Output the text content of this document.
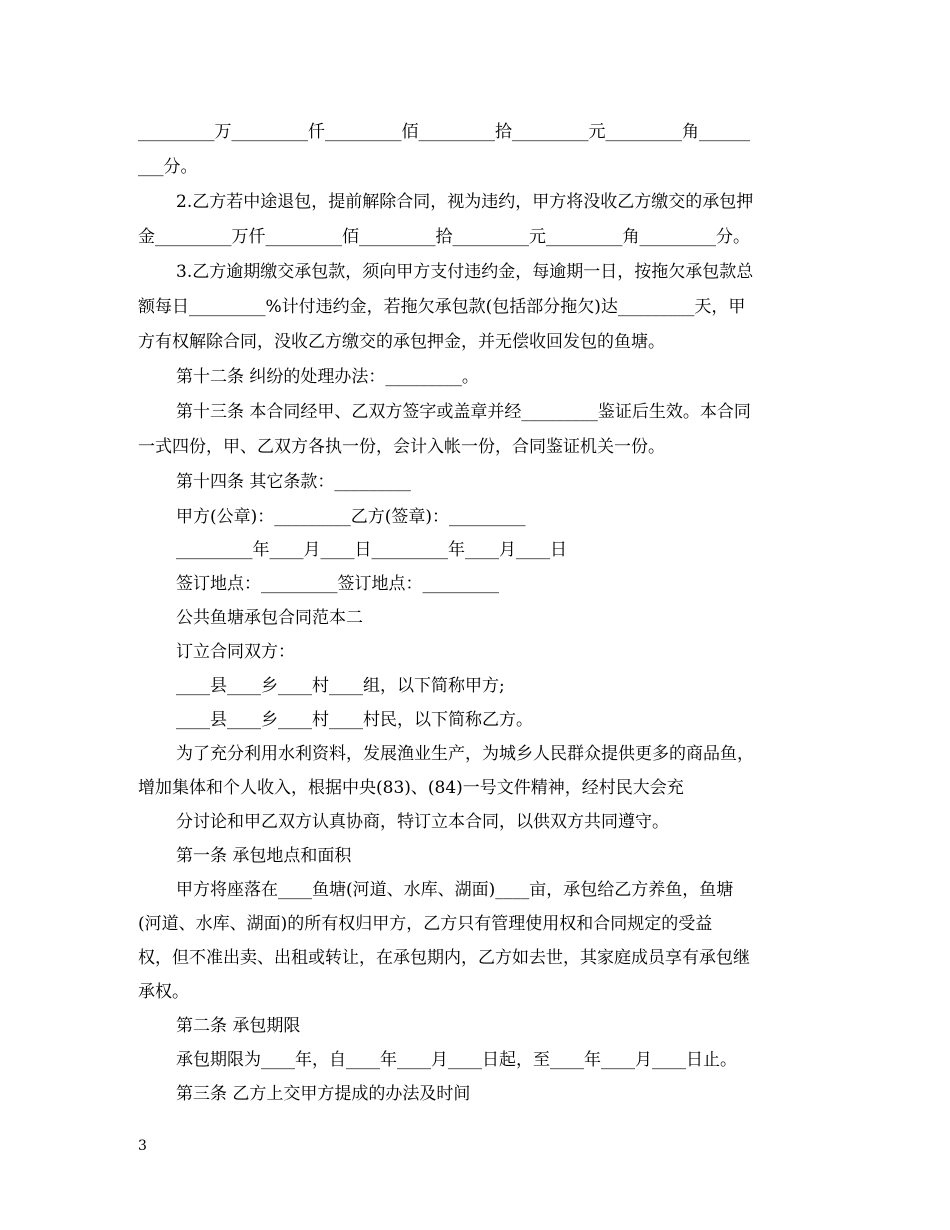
_________万_________仟_________佰_________拾_________元_________角______
___分。
2.乙方若中途退包，提前解除合同，视为违约，甲方将没收乙方缴交的承包押
金_________万仟_________佰_________拾_________元_________角_________分。
3.乙方逾期缴交承包款，须向甲方支付违约金，每逾期一日，按拖欠承包款总
额每日_________%计付违约金，若拖欠承包款(包括部分拖欠)达_________天，甲
方有权解除合同，没收乙方缴交的承包押金，并无偿收回发包的鱼塘。
第十二条 纠纷的处理办法：_________。
第十三条 本合同经甲、乙双方签字或盖章并经_________鉴证后生效。本合同
一式四份，甲、乙双方各执一份，会计入帐一份，合同鉴证机关一份。
第十四条 其它条款：_________
甲方(公章)：_________乙方(签章)：_________
_________年____月____日_________年____月____日
签订地点：_________签订地点：_________
公共鱼塘承包合同范本二
订立合同双方：
____县____乡____村____组，以下简称甲方;
____县____乡____村____村民，以下简称乙方。
为了充分利用水利资料，发展渔业生产，为城乡人民群众提供更多的商品鱼，
增加集体和个人收入，根据中央(83)、(84)一号文件精神，经村民大会充
分讨论和甲乙双方认真协商，特订立本合同，以供双方共同遵守。
第一条 承包地点和面积
甲方将座落在____鱼塘(河道、水库、湖面)____亩，承包给乙方养鱼，鱼塘
(河道、水库、湖面)的所有权归甲方，乙方只有管理使用权和合同规定的受益
权，但不准出卖、出租或转让，在承包期内，乙方如去世，其家庭成员享有承包继
承权。
第二条 承包期限
承包期限为____年，自____年____月____日起，至____年____月____日止。
第三条 乙方上交甲方提成的办法及时间
3
